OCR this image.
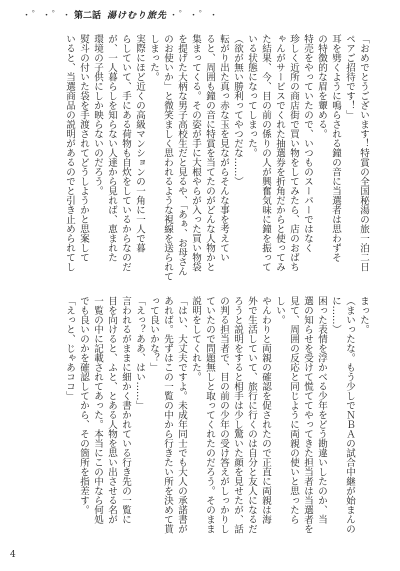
・゜・゜・ 第二話 湯けむり旅先 ・゜・゜・
「おめでとうございます！特賞の全国秘湯の旅一泊二日
ペアご招待です！」
耳を劈くように鳴らされる鐘の音に当選者は思わずそ
の特徴的な眉を顰める。
特売をやっていたので、いつものスーパーではなく
珍しく近所の商店街で買い物をしてみたら、店のおばち
ゃんがサービスでくれた抽選券を折角だからと使ってみ
た結果、今、目の前の係りの人が興奮気味に鐘を振って
いる状態になってしまった。
（欲が無い勝利ってやつだな……）
転がり出た真っ赤な玉を見ながらそんな事を考えてい
ると、周囲も鐘の音に特賞を当てたのがどんな人物かと
集まってくる。その姿が手に大根やらが入った買い物袋
を提げた大柄な男子高校生だと見るや、「あぁ、お母さん
のお使いか」と微笑ましく思われるような視線を送られて
しまった。
実際にほど近くの高級マンションの一角に一人で暮
らしていて、手にある荷物も自炊をしているからなのだ
が、一人暮らしを知らない人達から見れば、恵まれた
環境の子供にしか映らないのだろう。
熨斗の付いた袋を手渡されてどうしようかと思案して
いると、当選商品の説明があるのでと引き止められてし
まった。
（まいったな。もう少しでＮＢＡの試合中継が始まんの
に……）
困った表情を浮かべる少年をどう勘違いしたのか、当
選の知らせを受けて慌ててやってきた担当者は当選者を
見て、周囲の反応と同じように両親の使いと思ったら
しい。
やんわりと両親の確認を促されたので正直に両親は海
外で生活していて、旅行に行くのは自分と友人になるだ
ろうと説明をすると相手は少し驚いた顔を見せたが、話
の判る担当者で、目の前の少年の受け答えがしっかりし
ていたので問題無しと取ってくれたのだろう。そのまま
説明をしてくれた。
「はい、大丈夫ですよ。未成年同士でも大人の承諾書が
あれば。先ずはこの一覧の中から行きたい所を決めて貰
って良いかな？」
「えっ？ああ、はい……」
言われるがままに細かく書かれている行き先の一覧に
目を向けると、ふと、とある人物を思い出させる名が
一覧の中に記載されてあった。本当にこの中なら何処
でも良いのかを確認してから、その箇所を指差す。
「えっと、じゃあココ」
4
